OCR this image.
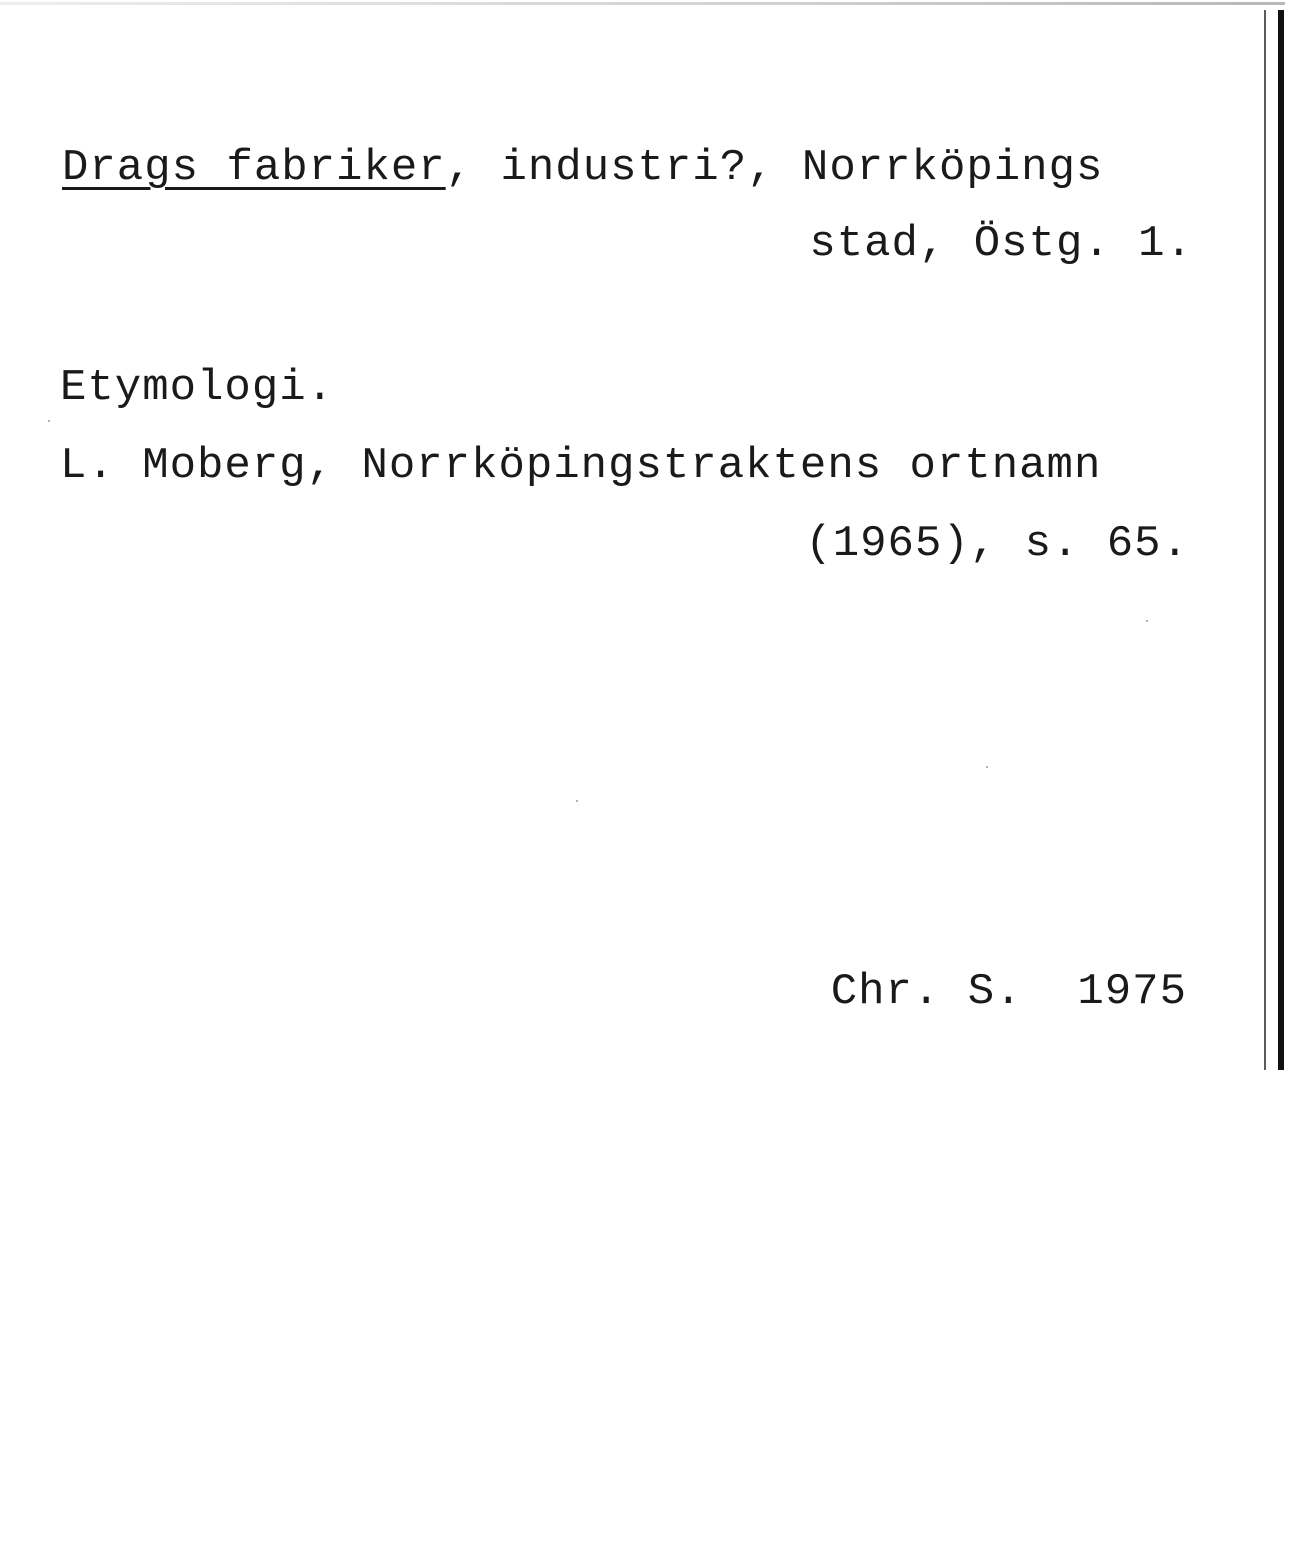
Drags fabriker, industri?, Norrköpings
stad, Östg. 1.
Etymologi.
L. Moberg, Norrköpingstraktens ortnamn
(1965), s. 65.
Chr. S.  1975
